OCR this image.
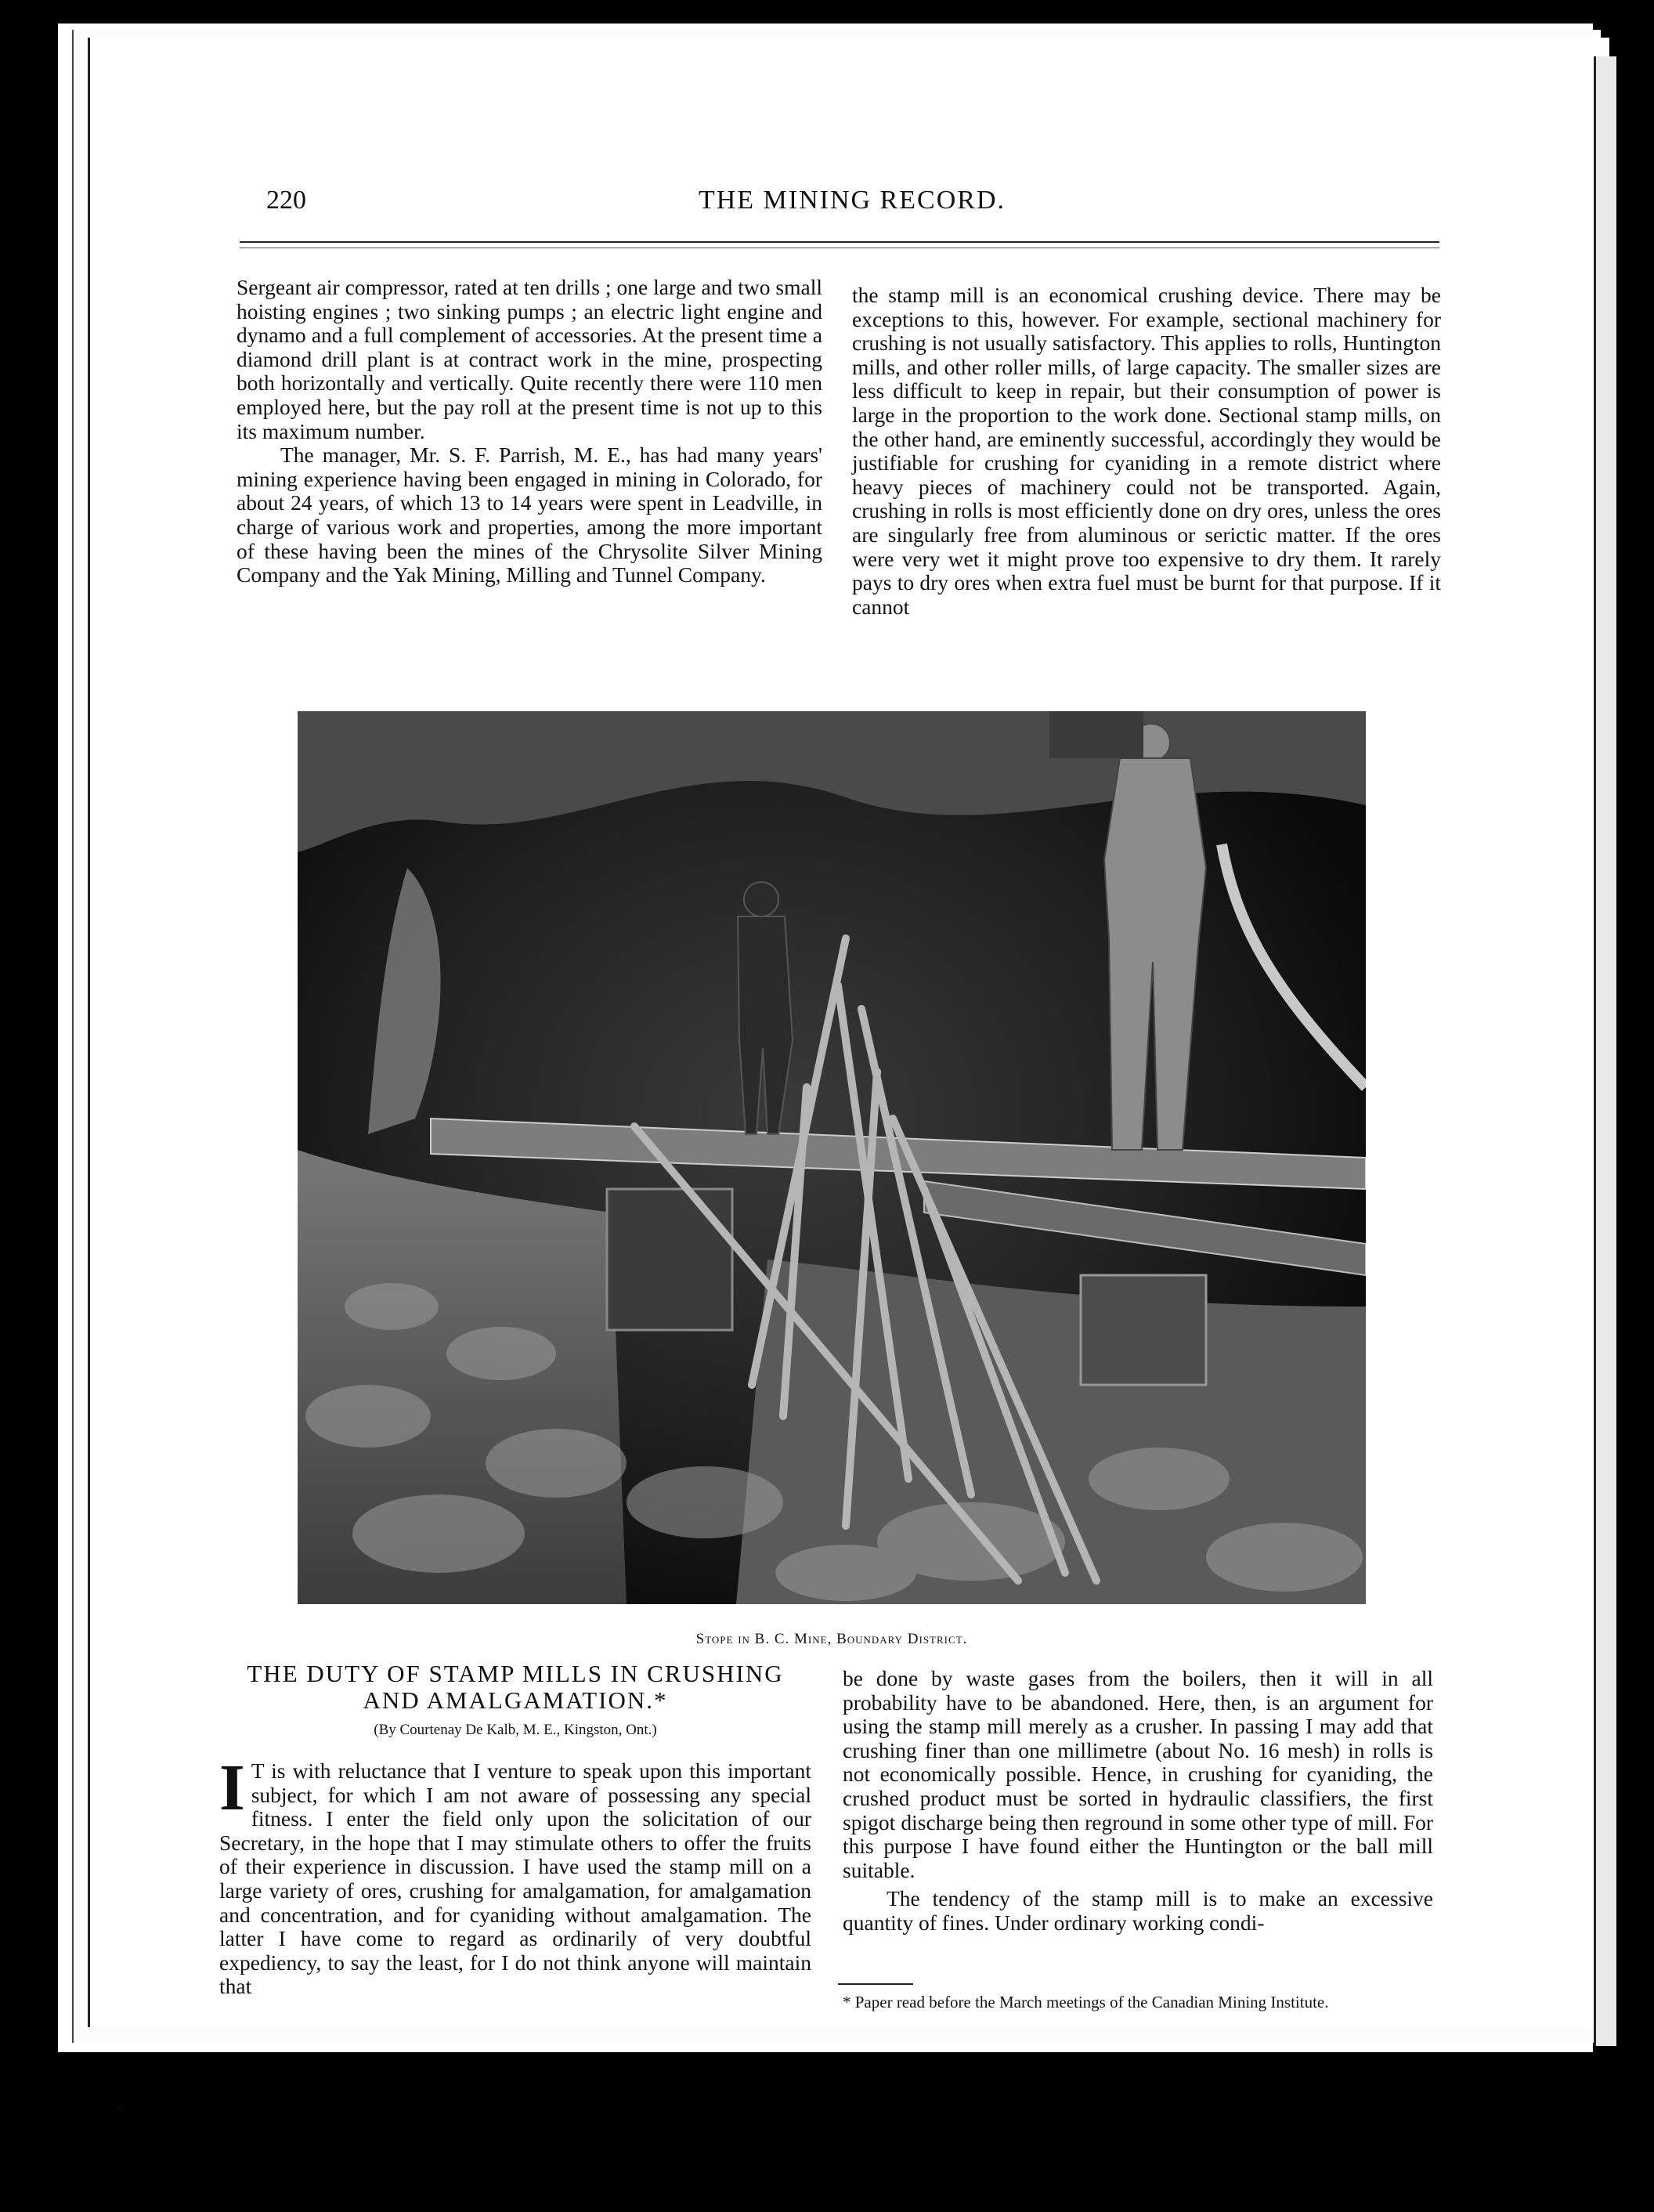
220	THE MINING RECORD.

Sergeant air compressor, rated at ten drills ; one large and two small hoisting engines ; two sinking pumps ; an electric light engine and dynamo and a full complement of accessories. At the present time a diamond drill plant is at contract work in the mine, prospecting both horizontally and vertically. Quite recently there were 110 men employed here, but the pay roll at the present time is not up to this its maximum number.

The manager, Mr. S. F. Parrish, M. E., has had many years' mining experience having been engaged in mining in Colorado, for about 24 years, of which 13 to 14 years were spent in Leadville, in charge of various work and properties, among the more important of these having been the mines of the Chrysolite Silver Mining Company and the Yak Mining, Milling and Tunnel Company.

the stamp mill is an economical crushing device. There may be exceptions to this, however. For example, sectional machinery for crushing is not usually satisfactory. This applies to rolls, Huntington mills, and other roller mills, of large capacity. The smaller sizes are less difficult to keep in repair, but their consumption of power is large in the proportion to the work done. Sectional stamp mills, on the other hand, are eminently successful, accordingly they would be justifiable for crushing for cyaniding in a remote district where heavy pieces of machinery could not be transported. Again, crushing in rolls is most efficiently done on dry ores, unless the ores are singularly free from aluminous or serictic matter. If the ores were very wet it might prove too expensive to dry them. It rarely pays to dry ores when extra fuel must be burnt for that purpose. If it cannot

Stope in B. C. Mine, Boundary District.
THE DUTY OF STAMP MILLS IN CRUSHING AND AMALGAMATION.*
(By Courtenay De Kalb, M. E., Kingston, Ont.)

I T is with reluctance that I venture to speak upon this important subject, for which I am not aware of possessing any special fitness. I enter the field only upon the solicitation of our Secretary, in the hope that I may stimulate others to offer the fruits of their experience in discussion. I have used the stamp mill on a large variety of ores, crushing for amalgamation, for amalgamation and concentration, and for cyaniding without amalgamation. The latter I have come to regard as ordinarily of very doubtful expediency, to say the least, for I do not think anyone will maintain that

be done by waste gases from the boilers, then it will in all probability have to be abandoned. Here, then, is an argument for using the stamp mill merely as a crusher. In passing I may add that crushing finer than one millimetre (about No. 16 mesh) in rolls is not economically possible. Hence, in crushing for cyaniding, the crushed product must be sorted in hydraulic classifiers, the first spigot discharge being then reground in some other type of mill. For this purpose I have found either the Huntington or the ball mill suitable.

The tendency of the stamp mill is to make an excessive quantity of fines. Under ordinary working condi-

* Paper read before the March meetings of the Canadian Mining Institute.
,
